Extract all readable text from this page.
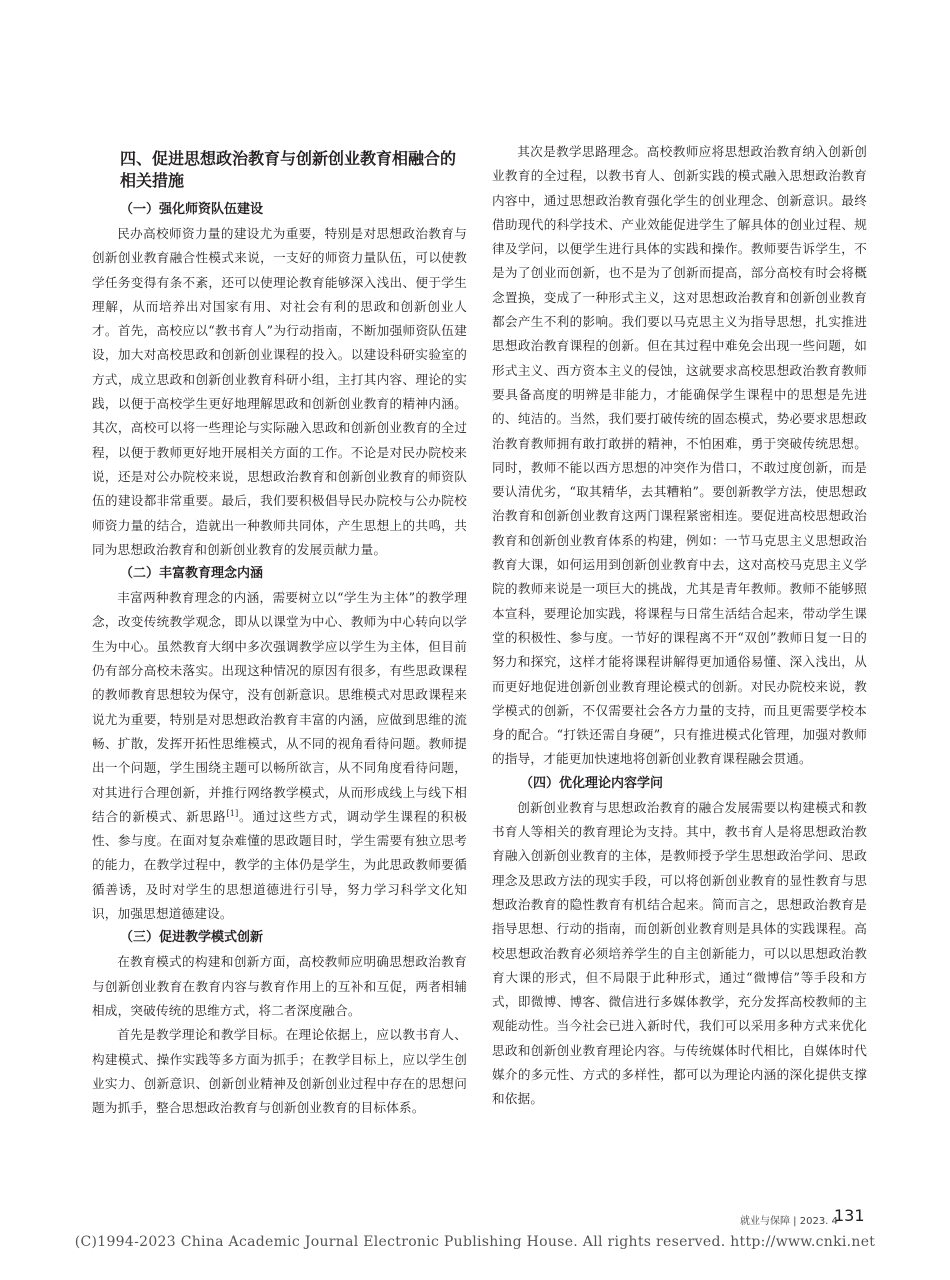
四、促进思想政治教育与创新创业教育相融合的相关措施
（一）强化师资队伍建设

民办高校师资力量的建设尤为重要，特别是对思想政治教育与创新创业教育融合性模式来说，一支好的师资力量队伍，可以使教学任务变得有条不紊，还可以使理论教育能够深入浅出、便于学生理解，从而培养出对国家有用、对社会有利的思政和创新创业人才。首先，高校应以“教书育人”为行动指南，不断加强师资队伍建设，加大对高校思政和创新创业课程的投入。以建设科研实验室的方式，成立思政和创新创业教育科研小组，主打其内容、理论的实践，以便于高校学生更好地理解思政和创新创业教育的精神内涵。其次，高校可以将一些理论与实际融入思政和创新创业教育的全过程，以便于教师更好地开展相关方面的工作。不论是对民办院校来说，还是对公办院校来说，思想政治教育和创新创业教育的师资队伍的建设都非常重要。最后，我们要积极倡导民办院校与公办院校师资力量的结合，造就出一种教师共同体，产生思想上的共鸣，共同为思想政治教育和创新创业教育的发展贡献力量。

（二）丰富教育理念内涵

丰富两种教育理念的内涵，需要树立以“学生为主体”的教学理念，改变传统教学观念，即从以课堂为中心、教师为中心转向以学生为中心。虽然教育大纲中多次强调教学应以学生为主体，但目前仍有部分高校未落实。出现这种情况的原因有很多，有些思政课程的教师教育思想较为保守，没有创新意识。思维模式对思政课程来说尤为重要，特别是对思想政治教育丰富的内涵，应做到思维的流畅、扩散，发挥开拓性思维模式，从不同的视角看待问题。教师提出一个问题，学生围绕主题可以畅所欲言，从不同角度看待问题，对其进行合理创新，并推行网络教学模式，从而形成线上与线下相结合的新模式、新思路[1]。通过这些方式，调动学生课程的积极性、参与度。在面对复杂难懂的思政题目时，学生需要有独立思考的能力，在教学过程中，教学的主体仍是学生，为此思政教师要循循善诱，及时对学生的思想道德进行引导，努力学习科学文化知识，加强思想道德建设。

（三）促进教学模式创新

在教育模式的构建和创新方面，高校教师应明确思想政治教育与创新创业教育在教育内容与教育作用上的互补和互促，两者相辅相成，突破传统的思维方式，将二者深度融合。

首先是教学理论和教学目标。在理论依据上，应以教书育人、构建模式、操作实践等多方面为抓手；在教学目标上，应以学生创业实力、创新意识、创新创业精神及创新创业过程中存在的思想问题为抓手，整合思想政治教育与创新创业教育的目标体系。

其次是教学思路理念。高校教师应将思想政治教育纳入创新创业教育的全过程，以教书育人、创新实践的模式融入思想政治教育内容中，通过思想政治教育强化学生的创业理念、创新意识。最终借助现代的科学技术、产业效能促进学生了解具体的创业过程、规律及学问，以便学生进行具体的实践和操作。教师要告诉学生，不是为了创业而创新，也不是为了创新而提高，部分高校有时会将概念置换，变成了一种形式主义，这对思想政治教育和创新创业教育都会产生不利的影响。我们要以马克思主义为指导思想，扎实推进思想政治教育课程的创新。但在其过程中难免会出现一些问题，如形式主义、西方资本主义的侵蚀，这就要求高校思想政治教育教师要具备高度的明辨是非能力，才能确保学生课程中的思想是先进的、纯洁的。当然，我们要打破传统的固态模式，势必要求思想政治教育教师拥有敢打敢拼的精神，不怕困难，勇于突破传统思想。同时，教师不能以西方思想的冲突作为借口，不敢过度创新，而是要认清优劣，“取其精华，去其糟粕”。要创新教学方法，使思想政治教育和创新创业教育这两门课程紧密相连。要促进高校思想政治教育和创新创业教育体系的构建，例如：一节马克思主义思想政治教育大课，如何运用到创新创业教育中去，这对高校马克思主义学院的教师来说是一项巨大的挑战，尤其是青年教师。教师不能够照本宣科，要理论加实践，将课程与日常生活结合起来，带动学生课堂的积极性、参与度。一节好的课程离不开“双创”教师日复一日的努力和探究，这样才能将课程讲解得更加通俗易懂、深入浅出，从而更好地促进创新创业教育理论模式的创新。对民办院校来说，教学模式的创新，不仅需要社会各方力量的支持，而且更需要学校本身的配合。“打铁还需自身硬”，只有推进模式化管理，加强对教师的指导，才能更加快速地将创新创业教育课程融会贯通。

（四）优化理论内容学问

创新创业教育与思想政治教育的融合发展需要以构建模式和教书育人等相关的教育理论为支持。其中，教书育人是将思想政治教育融入创新创业教育的主体，是教师授予学生思想政治学问、思政理念及思政方法的现实手段，可以将创新创业教育的显性教育与思想政治教育的隐性教育有机结合起来。简而言之，思想政治教育是指导思想、行动的指南，而创新创业教育则是具体的实践课程。高校思想政治教育必须培养学生的自主创新能力，可以以思想政治教育大课的形式，但不局限于此种形式，通过“微博信”等手段和方式，即微博、博客、微信进行多媒体教学，充分发挥高校教师的主观能动性。当今社会已进入新时代，我们可以采用多种方式来优化思政和创新创业教育理论内容。与传统媒体时代相比，自媒体时代媒介的多元性、方式的多样性，都可以为理论内涵的深化提供支撑和依据。

就业与保障 | 2023. 4
131
(C)1994-2023 China Academic Journal Electronic Publishing House. All rights reserved. http://www.cnki.net
